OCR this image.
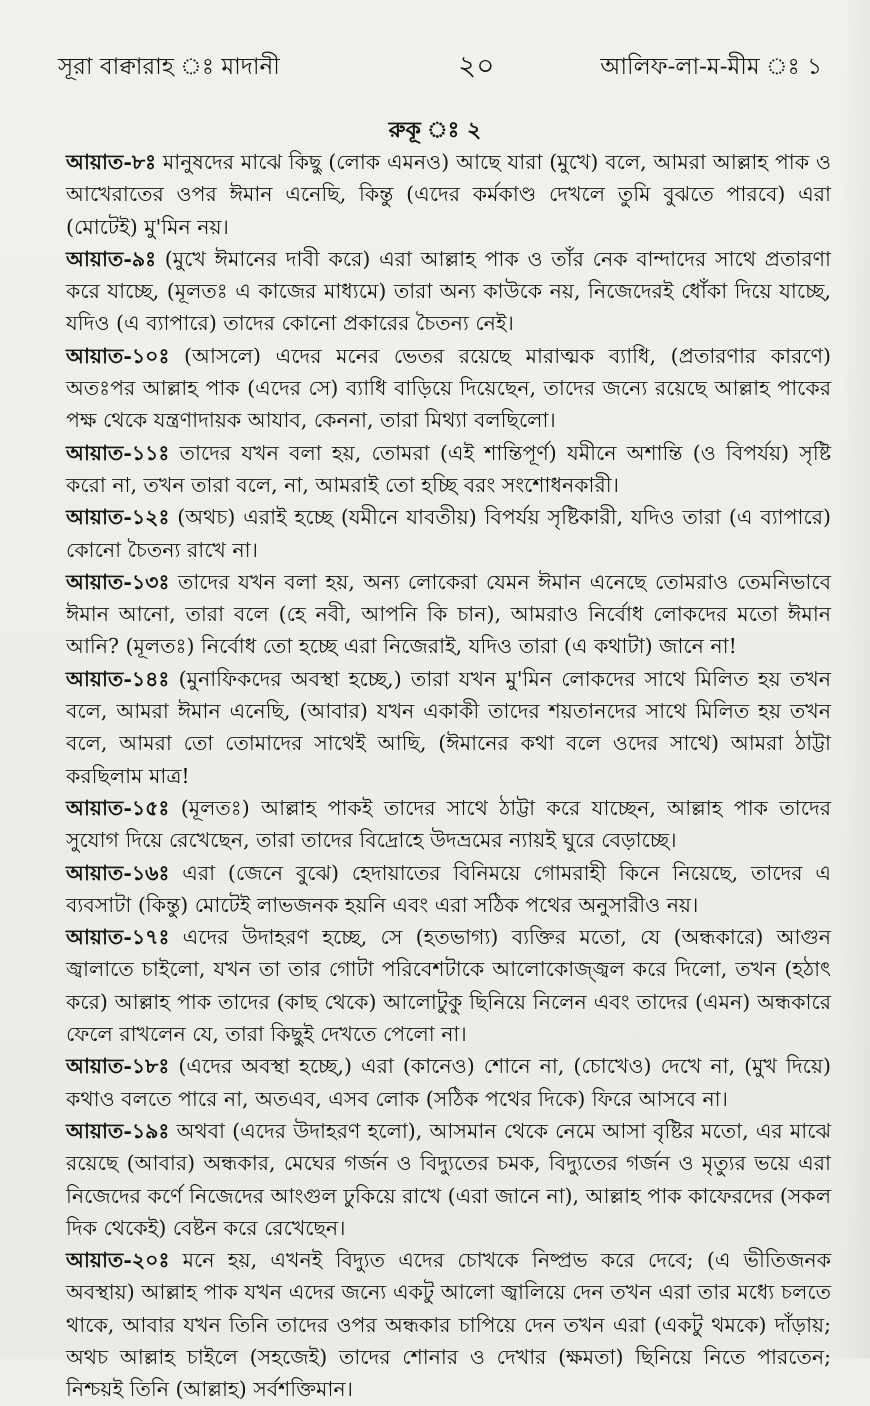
সূরা বাক্বারাহ ঃ মাদানী	২০	আলিফ-লা-ম-মীম ঃ ১
রুকূ ঃ ২

আয়াত-৮ঃ মানুষদের মাঝে কিছু (লোক এমনও) আছে যারা (মুখে) বলে, আমরা আল্লাহ পাক ও আখেরাতের ওপর ঈমান এনেছি, কিন্তু (এদের কর্মকাণ্ড দেখলে তুমি বুঝতে পারবে) এরা (মোটেই) মু'মিন নয়।

আয়াত-৯ঃ (মুখে ঈমানের দাবী করে) এরা আল্লাহ পাক ও তাঁর নেক বান্দাদের সাথে প্রতারণা করে যাচ্ছে, (মূলতঃ এ কাজের মাধ্যমে) তারা অন্য কাউকে নয়, নিজেদেরই ধোঁকা দিয়ে যাচ্ছে, যদিও (এ ব্যাপারে) তাদের কোনো প্রকারের চৈতন্য নেই।

আয়াত-১০ঃ (আসলে) এদের মনের ভেতর রয়েছে মারাত্মক ব্যাধি, (প্রতারণার কারণে) অতঃপর আল্লাহ পাক (এদের সে) ব্যাধি বাড়িয়ে দিয়েছেন, তাদের জন্যে রয়েছে আল্লাহ পাকের পক্ষ থেকে যন্ত্রণাদায়ক আযাব, কেননা, তারা মিথ্যা বলছিলো।

আয়াত-১১ঃ তাদের যখন বলা হয়, তোমরা (এই শান্তিপূর্ণ) যমীনে অশান্তি (ও বিপর্যয়) সৃষ্টি করো না, তখন তারা বলে, না, আমরাই তো হচ্ছি বরং সংশোধনকারী।

আয়াত-১২ঃ (অথচ) এরাই হচ্ছে (যমীনে যাবতীয়) বিপর্যয় সৃষ্টিকারী, যদিও তারা (এ ব্যাপারে) কোনো চৈতন্য রাখে না।

আয়াত-১৩ঃ তাদের যখন বলা হয়, অন্য লোকেরা যেমন ঈমান এনেছে তোমরাও তেমনিভাবে ঈমান আনো, তারা বলে (হে নবী, আপনি কি চান), আমরাও নির্বোধ লোকদের মতো ঈমান আনি? (মূলতঃ) নির্বোধ তো হচ্ছে এরা নিজেরাই, যদিও তারা (এ কথাটা) জানে না!

আয়াত-১৪ঃ (মুনাফিকদের অবস্থা হচ্ছে,) তারা যখন মু'মিন লোকদের সাথে মিলিত হয় তখন বলে, আমরা ঈমান এনেছি, (আবার) যখন একাকী তাদের শয়তানদের সাথে মিলিত হয় তখন বলে, আমরা তো তোমাদের সাথেই আছি, (ঈমানের কথা বলে ওদের সাথে) আমরা ঠাট্টা করছিলাম মাত্র!

আয়াত-১৫ঃ (মূলতঃ) আল্লাহ পাকই তাদের সাথে ঠাট্টা করে যাচ্ছেন, আল্লাহ পাক তাদের সুযোগ দিয়ে রেখেছেন, তারা তাদের বিদ্রোহে উদভ্রমের ন্যায়ই ঘুরে বেড়াচ্ছে।

আয়াত-১৬ঃ এরা (জেনে বুঝে) হেদায়াতের বিনিময়ে গোমরাহী কিনে নিয়েছে, তাদের এ ব্যবসাটা (কিন্তু) মোটেই লাভজনক হয়নি এবং এরা সঠিক পথের অনুসারীও নয়।

আয়াত-১৭ঃ এদের উদাহরণ হচ্ছে, সে (হতভাগ্য) ব্যক্তির মতো, যে (অন্ধকারে) আগুন জ্বালাতে চাইলো, যখন তা তার গোটা পরিবেশটাকে আলোকোজ্জ্বল করে দিলো, তখন (হঠাৎ করে) আল্লাহ পাক তাদের (কাছ থেকে) আলোটুকু ছিনিয়ে নিলেন এবং তাদের (এমন) অন্ধকারে ফেলে রাখলেন যে, তারা কিছুই দেখতে পেলো না।

আয়াত-১৮ঃ (এদের অবস্থা হচ্ছে,) এরা (কানেও) শোনে না, (চোখেও) দেখে না, (মুখ দিয়ে) কথাও বলতে পারে না, অতএব, এসব লোক (সঠিক পথের দিকে) ফিরে আসবে না।

আয়াত-১৯ঃ অথবা (এদের উদাহরণ হলো), আসমান থেকে নেমে আসা বৃষ্টির মতো, এর মাঝে রয়েছে (আবার) অন্ধকার, মেঘের গর্জন ও বিদ্যুতের চমক, বিদ্যুতের গর্জন ও মৃত্যুর ভয়ে এরা নিজেদের কর্ণে নিজেদের আংগুল ঢুকিয়ে রাখে (এরা জানে না), আল্লাহ পাক কাফেরদের (সকল দিক থেকেই) বেষ্টন করে রেখেছেন।

আয়াত-২০ঃ মনে হয়, এখনই বিদ্যুত এদের চোখকে নিষ্প্রভ করে দেবে; (এ ভীতিজনক অবস্থায়) আল্লাহ পাক যখন এদের জন্যে একটু আলো জ্বালিয়ে দেন তখন এরা তার মধ্যে চলতে থাকে, আবার যখন তিনি তাদের ওপর অন্ধকার চাপিয়ে দেন তখন এরা (একটু থমকে) দাঁড়ায়; অথচ আল্লাহ চাইলে (সহজেই) তাদের শোনার ও দেখার (ক্ষমতা) ছিনিয়ে নিতে পারতেন; নিশ্চয়ই তিনি (আল্লাহ) সর্বশক্তিমান।
